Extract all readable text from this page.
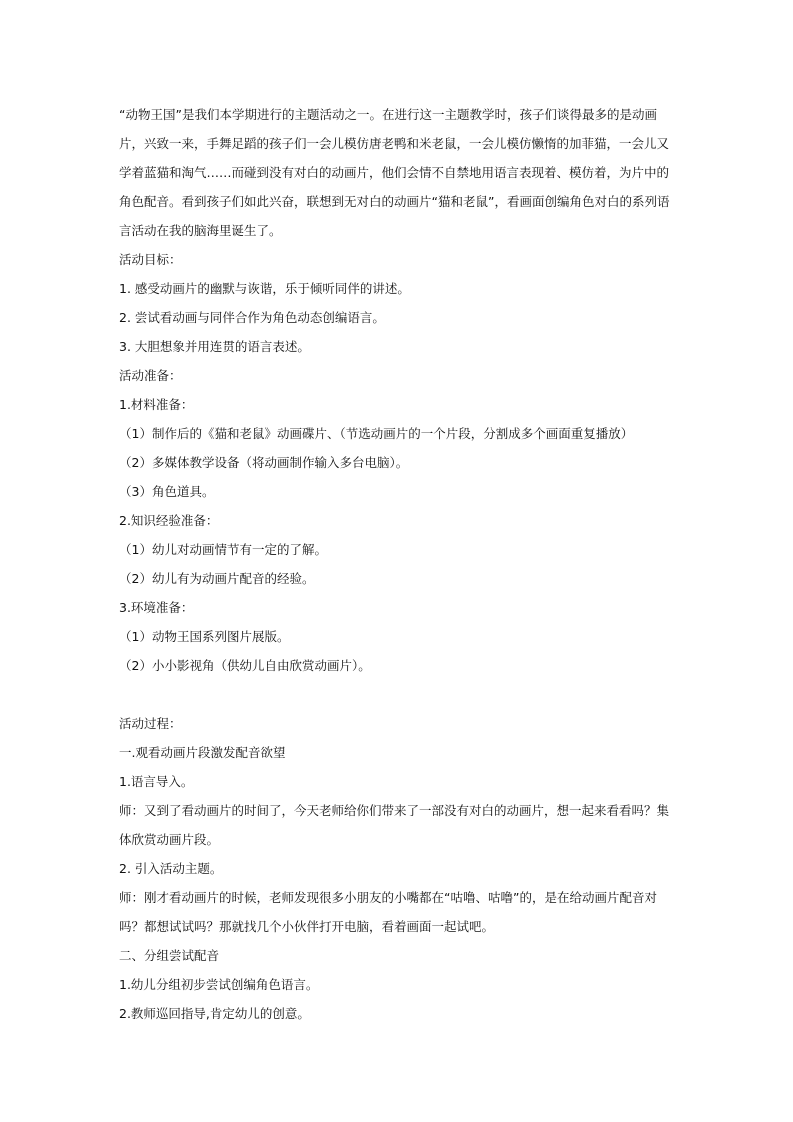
“动物王国”是我们本学期进行的主题活动之一。在进行这一主题教学时，孩子们谈得最多的是动画片，兴致一来，手舞足蹈的孩子们一会儿模仿唐老鸭和米老鼠，一会儿模仿懒惰的加菲猫，一会儿又学着蓝猫和淘气……而碰到没有对白的动画片，他们会情不自禁地用语言表现着、模仿着，为片中的角色配音。看到孩子们如此兴奋，联想到无对白的动画片“猫和老鼠”，看画面创编角色对白的系列语言活动在我的脑海里诞生了。

活动目标：

1. 感受动画片的幽默与诙谐，乐于倾听同伴的讲述。

2. 尝试看动画与同伴合作为角色动态创编语言。

3. 大胆想象并用连贯的语言表述。

活动准备：

1.材料准备：

（1）制作后的《猫和老鼠》动画碟片、（节选动画片的一个片段，分割成多个画面重复播放）

（2）多媒体教学设备（将动画制作输入多台电脑）。

（3）角色道具。

2.知识经验准备：

（1）幼儿对动画情节有一定的了解。

（2）幼儿有为动画片配音的经验。

3.环境准备：

（1）动物王国系列图片展版。

（2）小小影视角（供幼儿自由欣赏动画片）。

活动过程：

一.观看动画片段激发配音欲望

1.语言导入。

师：又到了看动画片的时间了，今天老师给你们带来了一部没有对白的动画片，想一起来看看吗？集体欣赏动画片段。

2. 引入活动主题。

师：刚才看动画片的时候，老师发现很多小朋友的小嘴都在“咕噜、咕噜”的，是在给动画片配音对吗？都想试试吗？那就找几个小伙伴打开电脑，看着画面一起试吧。

二、分组尝试配音

1.幼儿分组初步尝试创编角色语言。

2.教师巡回指导,肯定幼儿的创意。
